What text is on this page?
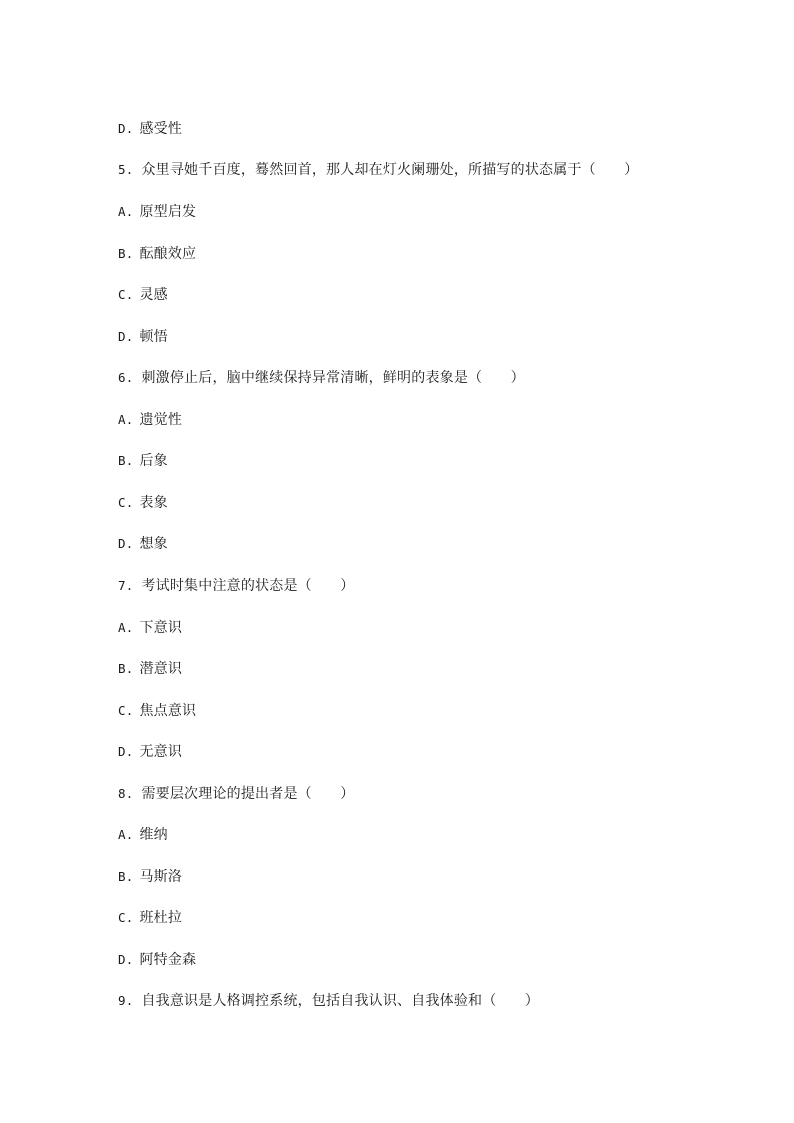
D. 感受性
5. 众里寻她千百度，蓦然回首，那人却在灯火阑珊处，所描写的状态属于（　　）
A. 原型启发
B. 酝酿效应
C. 灵感
D. 顿悟
6. 刺激停止后，脑中继续保持异常清晰，鲜明的表象是（　　）
A. 遗觉性
B. 后象
C. 表象
D. 想象
7. 考试时集中注意的状态是（　　）
A. 下意识
B. 潜意识
C. 焦点意识
D. 无意识
8. 需要层次理论的提出者是（　　）
A. 维纳
B. 马斯洛
C. 班杜拉
D. 阿特金森
9. 自我意识是人格调控系统，包括自我认识、自我体验和（　　）
